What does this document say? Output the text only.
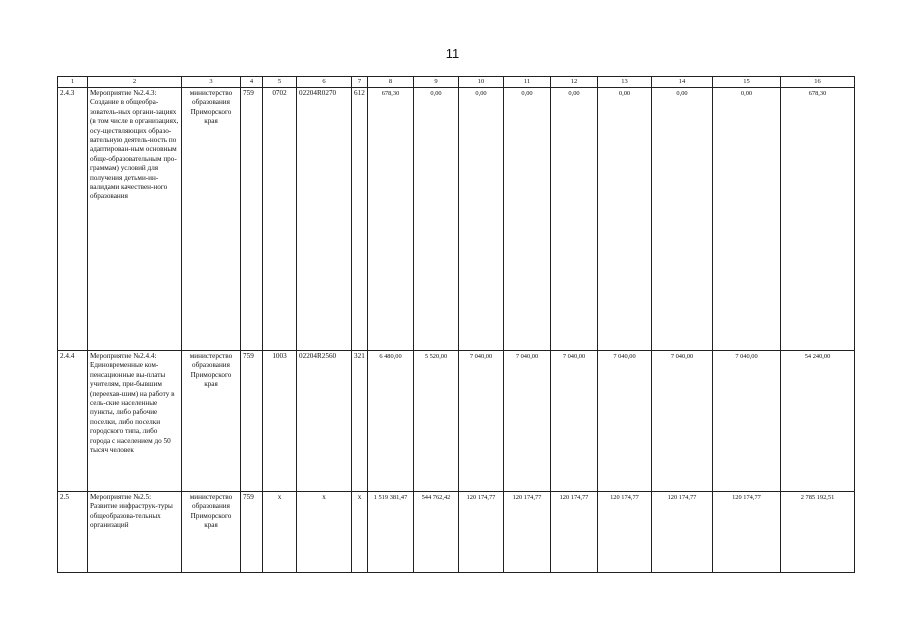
11
1	2	3	4	5	6	7	8	9	10	11	12	13	14	15	16
2.4.3	Мероприятие №2.4.3: Создание в общеобра-зователь-ных органи-зациях (в том числе в организациях, осу-ществляющих образо-вательную деятель-ность по адаптирован-ным основным обще-образовательным про-граммам) условий для получения детьми-ин-валидами качествен-ного образования	министерство образования Приморского края	759	0702	02204R0270	612	678,30	0,00	0,00	0,00	0,00	0,00	0,00	0,00	678,30
2.4.4	Мероприятие №2.4.4: Единовременные ком-пенсационные вы-платы учителям, при-бывшим (переехав-шим) на работу в сель-ские населенные пункты, либо рабочие поселки, либо поселки городского типа, либо города с населением до 50 тысяч человек	министерство образования Приморского края	759	1003	02204R2560	321	6 480,00	5 520,00	7 040,00	7 040,00	7 040,00	7 040,00	7 040,00	7 040,00	54 240,00
2.5	Мероприятие №2.5: Развитие инфраструк-туры общеобразова-тельных организаций	министерство образования Приморского края	759	х	х	х	1 519 381,47	544 762,42	120 174,77	120 174,77	120 174,77	120 174,77	120 174,77	120 174,77	2 785 192,51
